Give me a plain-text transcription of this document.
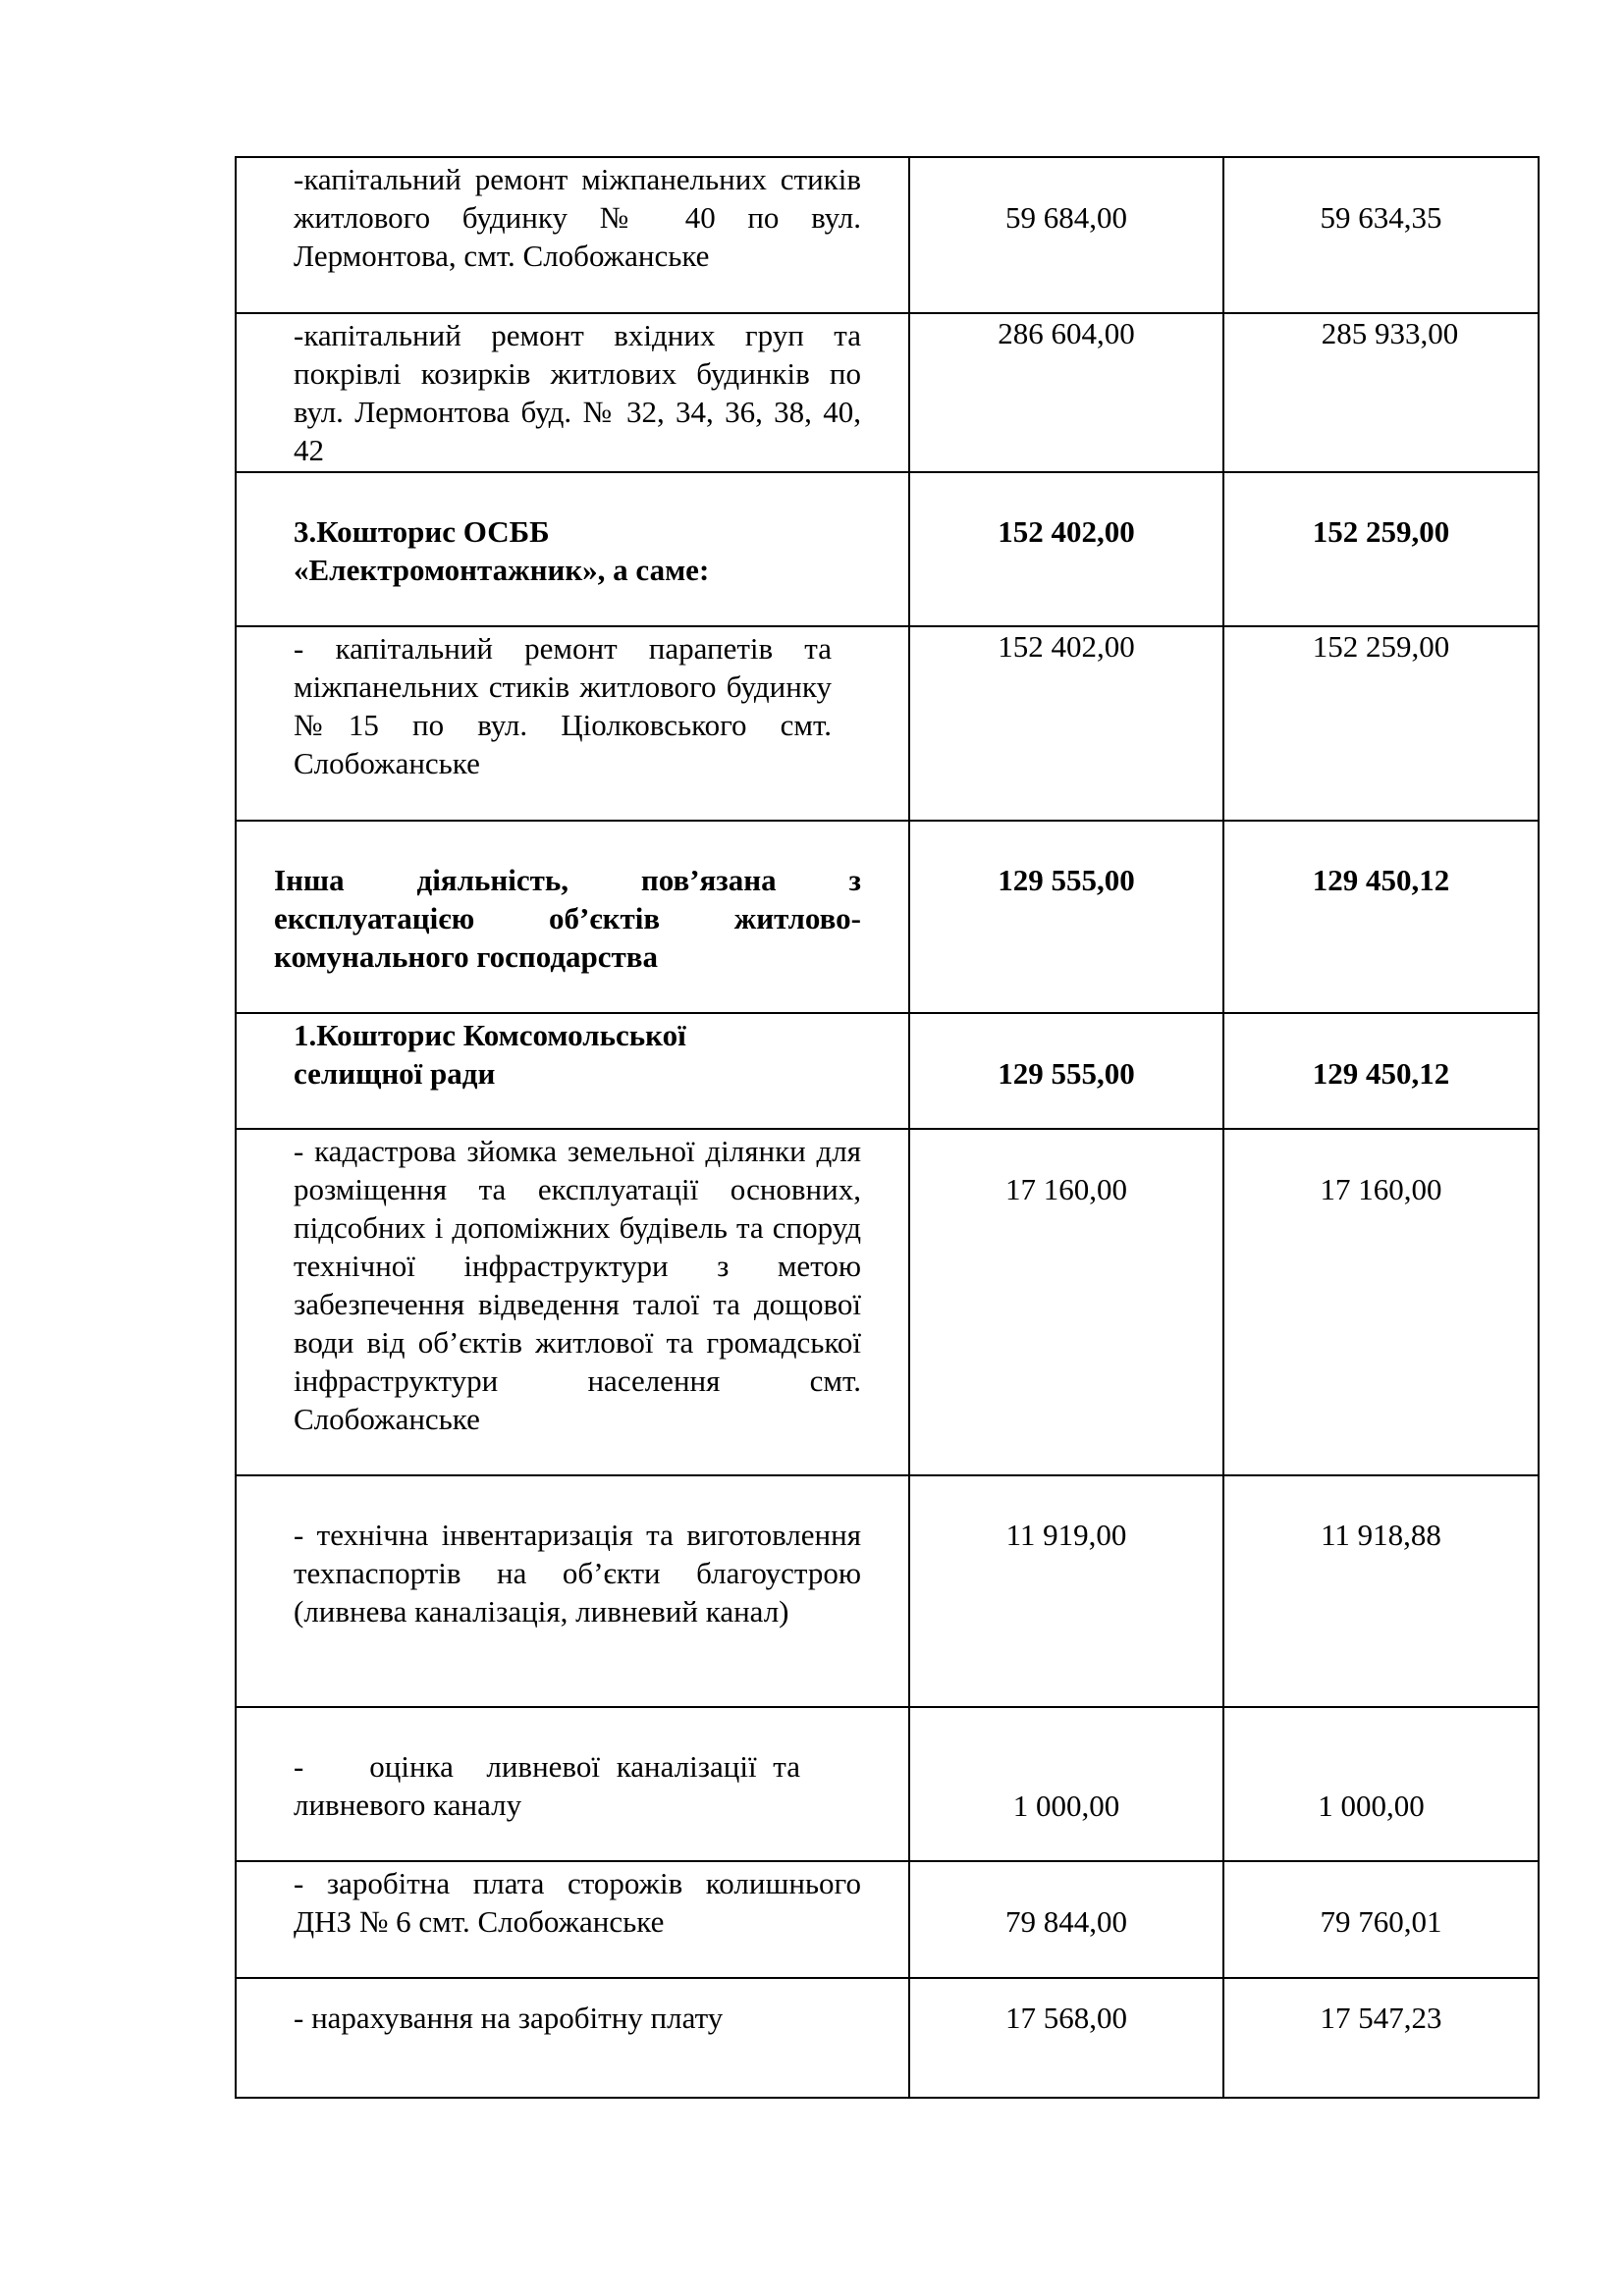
-капітальний ремонт міжпанельних стиків житлового будинку № 40 по вул. Лермонтова, смт. Слобожанське	59 684,00	59 634,35

-капітальний ремонт вхідних груп та покрівлі козирків житлових будинків по вул. Лермонтова буд. № 32, 34, 36, 38, 40, 42	286 604,00	285 933,00

3.Кошторис ОСББ «Електромонтажник», а саме:	152 402,00	152 259,00

- капітальний ремонт парапетів та міжпанельних стиків житлового будинку №15 по вул. Ціолковського смт. Слобожанське	152 402,00	152 259,00

Інша діяльність, пов’язана з експлуатацією об’єктів житлово-комунального господарства	129 555,00	129 450,12

1.Кошторис Комсомольської
селищної ради	129 555,00	129 450,12

- кадастрова зйомка земельної ділянки для розміщення та експлуатації основних, підсобних і допоміжних будівель та споруд технічної інфраструктури з метою забезпечення відведення талої та дощової води від об’єктів житлової та громадської інфраструктури населення смт. Слобожанське	17 160,00	17 160,00

- технічна інвентаризація та виготовлення техпаспортів на об’єкти благоустрою (ливнева каналізація, ливневий канал)	11 919,00	11 918,88

-    оцінка  ливневої каналізації та ливневого каналу	1 000,00	1 000,00

- заробітна плата сторожів колишнього ДНЗ № 6 смт. Слобожанське	79 844,00	79 760,01

- нарахування на заробітну плату	17 568,00	17 547,23
